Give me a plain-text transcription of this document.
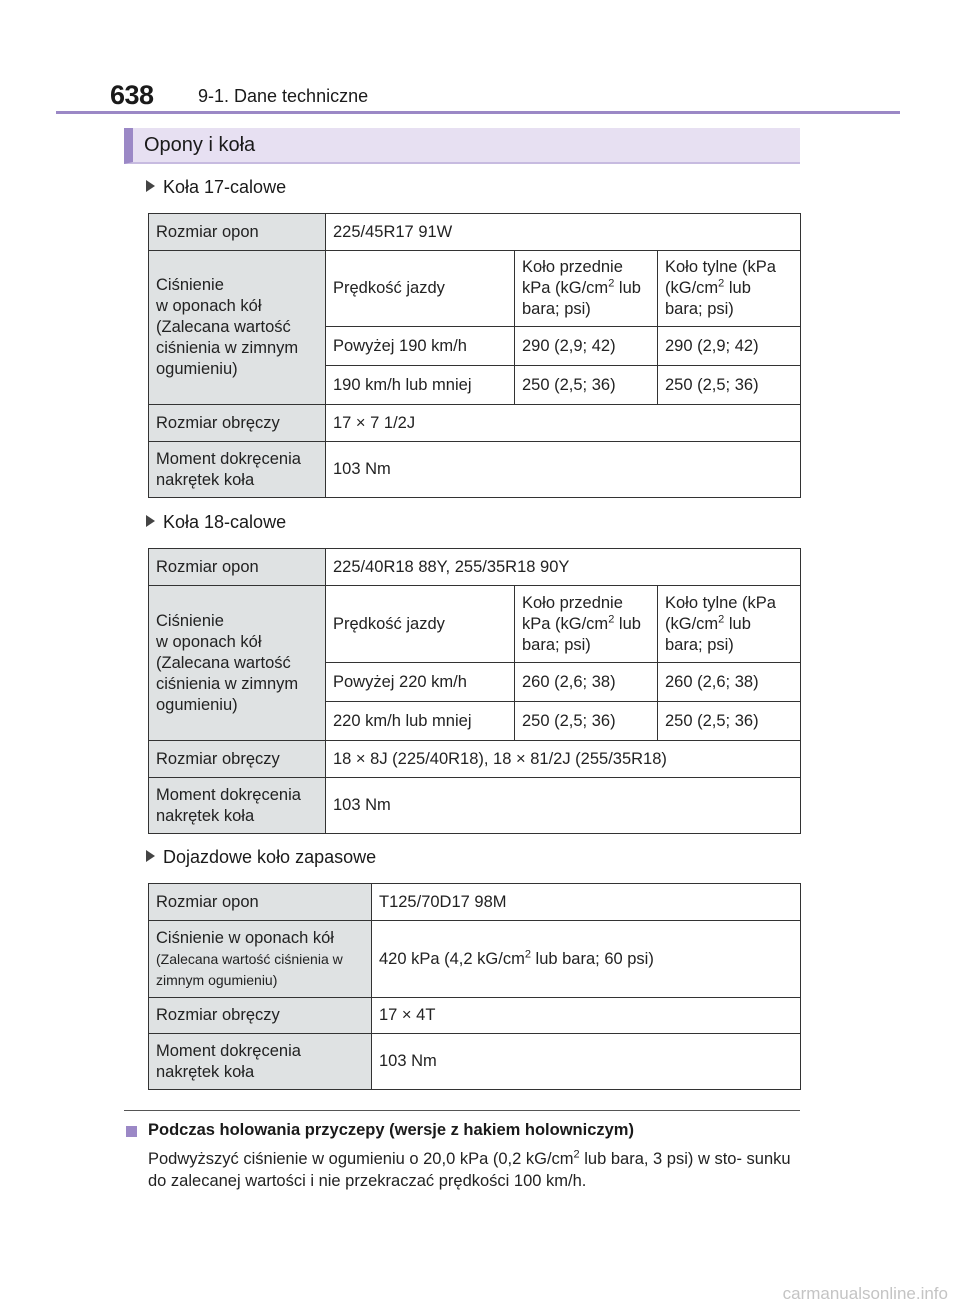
638 9-1. Dane techniczne
Opony i koła
Koła 17-calowe
Rozmiar opon	225/45R17 91W		
Ciśnienie
w oponach kół
(Zalecana wartość
ciśnienia w zimnym
ogumieniu)	Prędkość jazdy	Koło przednie kPa ($kG/cm^2$ lub bara; psi)	Koło tylne (kPa ($kG/cm^2$ lub bara; psi)
	Powyżej 190 km/h	290 (2,9; 42)	290 (2,9; 42)
	190 km/h lub mniej	250 (2,5; 36)	250 (2,5; 36)
Rozmiar obręczy	17 × 7 1/2J		
Moment dokręcenia nakrętek koła	103 Nm		
Koła 18-calowe
Rozmiar opon	225/40R18 88Y, 255/35R18 90Y		
Ciśnienie
w oponach kół
(Zalecana wartość
ciśnienia w zimnym
ogumieniu)	Prędkość jazdy	Koło przednie kPa ($kG/cm^2$ lub bara; psi)	Koło tylne (kPa ($kG/cm^2$ lub bara; psi)
	Powyżej 220 km/h	260 (2,6; 38)	260 (2,6; 38)
	220 km/h lub mniej	250 (2,5; 36)	250 (2,5; 36)
Rozmiar obręczy	18 × 8J (225/40R18), 18 × 81/2J (255/35R18)		
Moment dokręcenia nakrętek koła	103 Nm		
Dojazdowe koło zapasowe
Rozmiar opon	T125/70D17 98M

Ciśnienie w oponach kół
(Zalecana wartość ciśnienia w zimnym ogumieniu)	420 kPa (4,2 $kG/cm^2$ lub bara; 60 psi)
Rozmiar obręczy	17 × 4T
Moment dokręcenia nakrętek koła	103 Nm
Podczas holowania przyczepy (wersje z hakiem holowniczym)
Podwyższyć ciśnienie w ogumieniu o 20,0 kPa (0,2 $kG/cm^2$ lub bara, 3 psi) w sto- sunku do zalecanej wartości i nie przekraczać prędkości 100 km/h.
carmanualsonline.info
